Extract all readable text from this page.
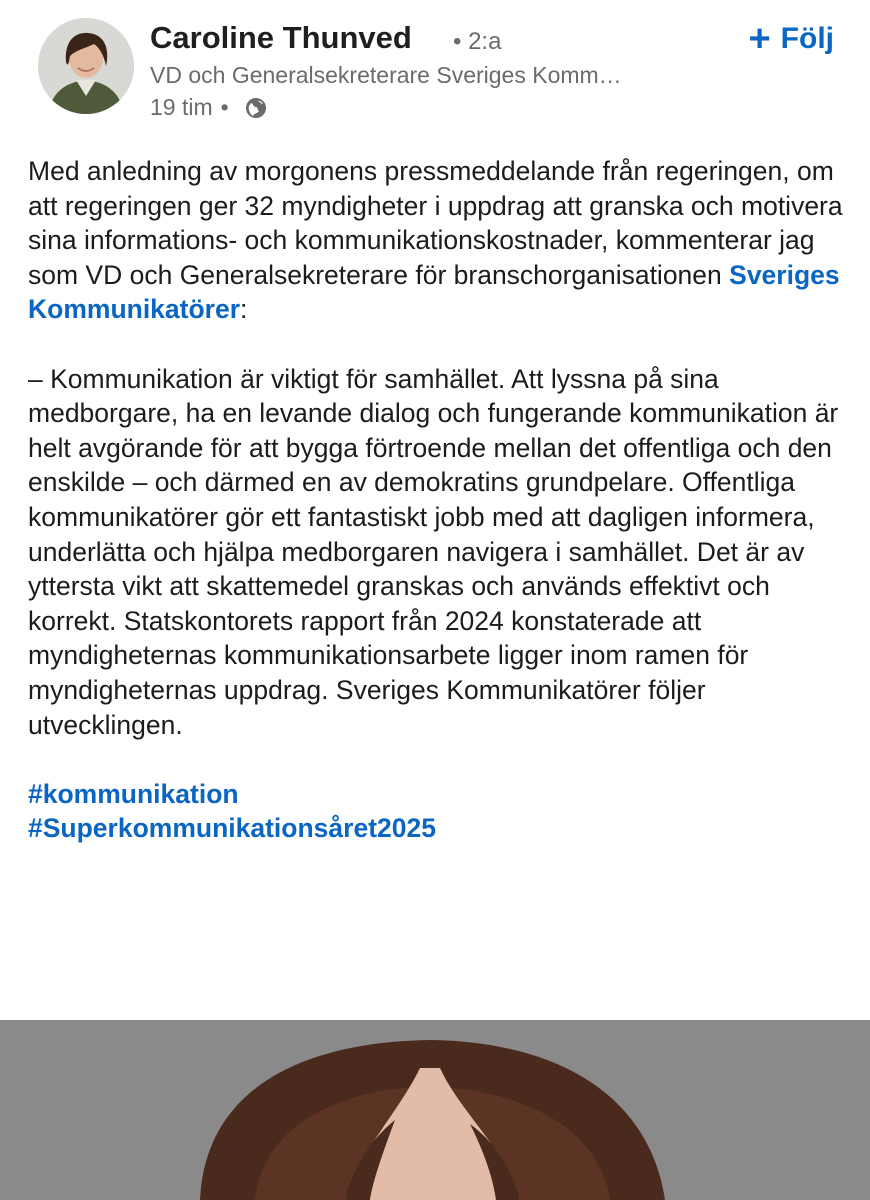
Caroline Thunved • 2:a
VD och Generalsekreterare Sveriges Komm…
19 tim •
+ Följ

Med anledning av morgonens pressmeddelande från regeringen, om att regeringen ger 32 myndigheter i uppdrag att granska och motivera sina informations- och kommunikationskostnader, kommenterar jag som VD och Generalsekreterare för branschorganisationen Sveriges Kommunikatörer:

– Kommunikation är viktigt för samhället. Att lyssna på sina medborgare, ha en levande dialog och fungerande kommunikation är helt avgörande för att bygga förtroende mellan det offentliga och den enskilde – och därmed en av demokratins grundpelare. Offentliga kommunikatörer gör ett fantastiskt jobb med att dagligen informera, underlätta och hjälpa medborgaren navigera i samhället. Det är av yttersta vikt att skattemedel granskas och används effektivt och korrekt. Statskontorets rapport från 2024 konstaterade att myndigheternas kommunikationsarbete ligger inom ramen för myndigheternas uppdrag. Sveriges Kommunikatörer följer utvecklingen.

#kommunikation
#Superkommunikationsåret2025
